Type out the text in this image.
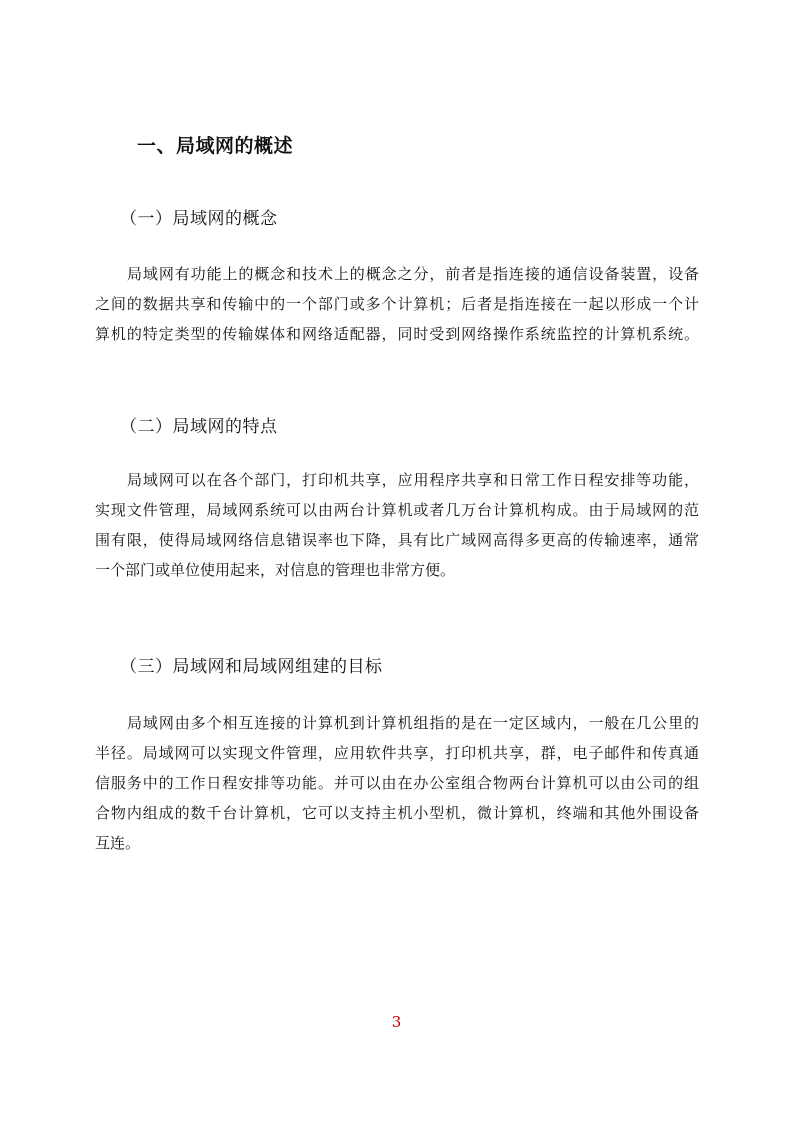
一、局域网的概述
（一）局域网的概念
局域网有功能上的概念和技术上的概念之分，前者是指连接的通信设备装置，设备
之间的数据共享和传输中的一个部门或多个计算机；后者是指连接在一起以形成一个计
算机的特定类型的传输媒体和网络适配器，同时受到网络操作系统监控的计算机系统。
（二）局域网的特点
局域网可以在各个部门，打印机共享，应用程序共享和日常工作日程安排等功能，
实现文件管理，局域网系统可以由两台计算机或者几万台计算机构成。由于局域网的范
围有限，使得局域网络信息错误率也下降，具有比广域网高得多更高的传输速率，通常
一个部门或单位使用起来，对信息的管理也非常方便。
（三）局域网和局域网组建的目标
局域网由多个相互连接的计算机到计算机组指的是在一定区域内，一般在几公里的
半径。局域网可以实现文件管理，应用软件共享，打印机共享，群，电子邮件和传真通
信服务中的工作日程安排等功能。并可以由在办公室组合物两台计算机可以由公司的组
合物内组成的数千台计算机，它可以支持主机小型机，微计算机，终端和其他外围设备
互连。
3
